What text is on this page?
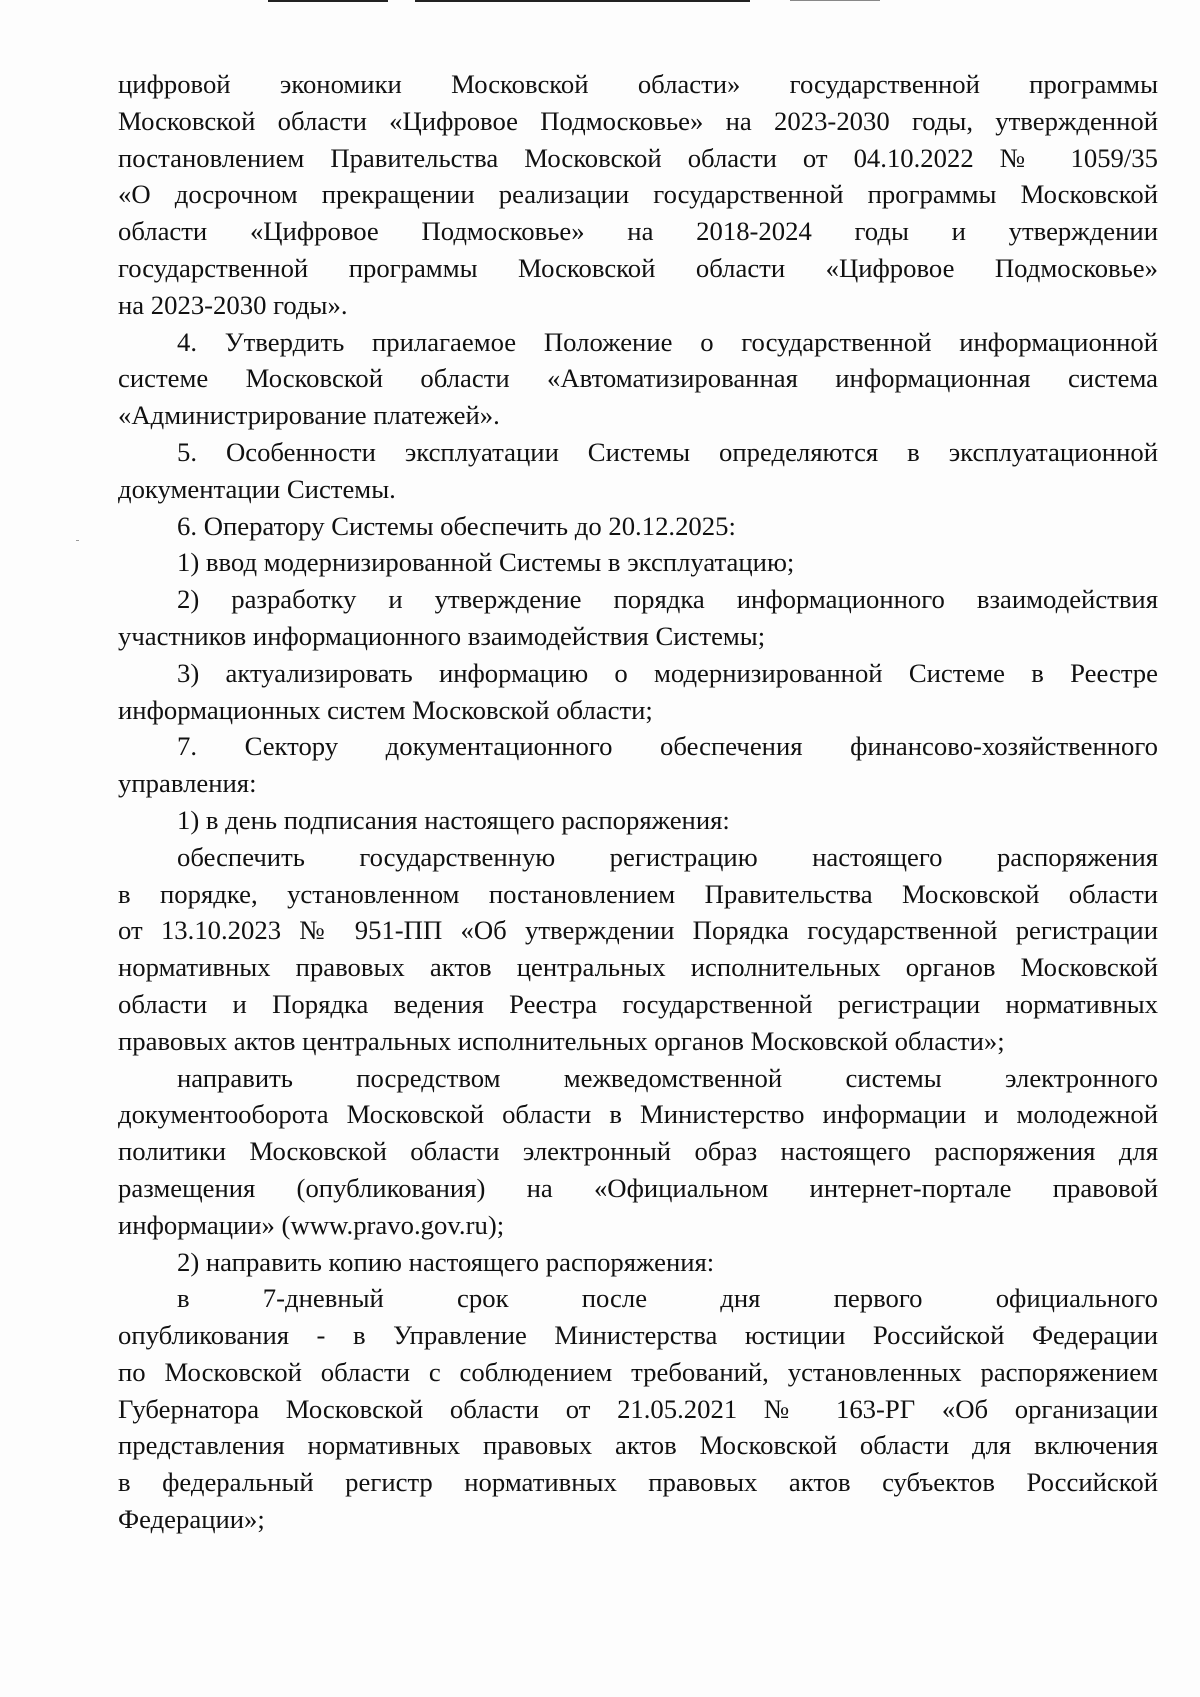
цифровой экономики Московской области» государственной программы
Московской области «Цифровое Подмосковье» на 2023-2030 годы, утвержденной
постановлением Правительства Московской области от 04.10.2022 № 1059/35
«О досрочном прекращении реализации государственной программы Московской
области «Цифровое Подмосковье» на 2018-2024 годы и утверждении
государственной программы Московской области «Цифровое Подмосковье»
на 2023-2030 годы».
4. Утвердить прилагаемое Положение о государственной информационной
системе Московской области «Автоматизированная информационная система
«Администрирование платежей».
5. Особенности эксплуатации Системы определяются в эксплуатационной
документации Системы.
6. Оператору Системы обеспечить до 20.12.2025:
1) ввод модернизированной Системы в эксплуатацию;
2) разработку и утверждение порядка информационного взаимодействия
участников информационного взаимодействия Системы;
3) актуализировать информацию о модернизированной Системе в Реестре
информационных систем Московской области;
7. Сектору документационного обеспечения финансово-хозяйственного
управления:
1) в день подписания настоящего распоряжения:
обеспечить государственную регистрацию настоящего распоряжения
в порядке, установленном постановлением Правительства Московской области
от 13.10.2023 № 951-ПП «Об утверждении Порядка государственной регистрации
нормативных правовых актов центральных исполнительных органов Московской
области и Порядка ведения Реестра государственной регистрации нормативных
правовых актов центральных исполнительных органов Московской области»;
направить посредством межведомственной системы электронного
документооборота Московской области в Министерство информации и молодежной
политики Московской области электронный образ настоящего распоряжения для
размещения (опубликования) на «Официальном интернет-портале правовой
информации» (www.pravo.gov.ru);
2) направить копию настоящего распоряжения:
в 7-дневный срок после дня первого официального
опубликования - в Управление Министерства юстиции Российской Федерации
по Московской области с соблюдением требований, установленных распоряжением
Губернатора Московской области от 21.05.2021 № 163-РГ «Об организации
представления нормативных правовых актов Московской области для включения
в федеральный регистр нормативных правовых актов субъектов Российской
Федерации»;
